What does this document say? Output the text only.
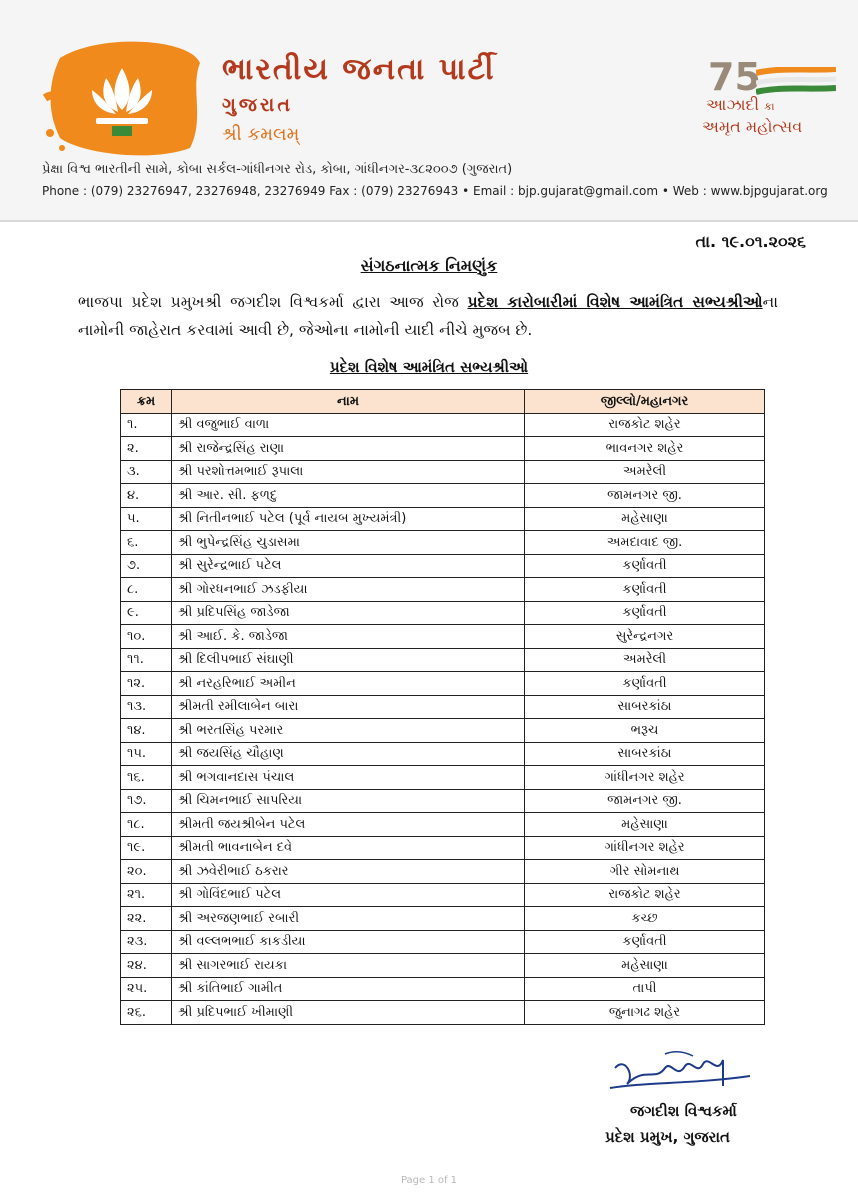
ભારતીય જનતા પાર્ટી
ગુજરાત
શ્રી કમલમ્
75
આઝાદી કા
અમૃત મહોત્સવ
પ્રેક્ષા વિશ્વ ભારતીની સામે, કોબા સર્કલ-ગાંધીનગર રોડ, કોબા, ગાંધીનગર-૩૮૨૦૦૭ (ગુજરાત)
Phone : (079) 23276947, 23276948, 23276949 Fax : (079) 23276943 • Email : bjp.gujarat@gmail.com • Web : www.bjpgujarat.org
તા. ૧૯.૦૧.૨૦૨૬
સંગઠનાત્મક નિમણુંક
ભાજપા પ્રદેશ પ્રમુખશ્રી જગદીશ વિશ્વકર્મા દ્વારા આજ રોજ પ્રદેશ કારોબારીમાં વિશેષ આમંત્રિત સભ્યશ્રીઓના નામોની જાહેરાત કરવામાં આવી છે, જેઓના નામોની યાદી નીચે મુજબ છે.
પ્રદેશ વિશેષ આમંત્રિત સભ્યશ્રીઓ
ક્રમ	નામ	જીલ્લો/મહાનગર
૧.	શ્રી વજુભાઈ વાળા	રાજકોટ શહેર
૨.	શ્રી રાજેન્દ્રસિંહ રાણા	ભાવનગર શહેર
૩.	શ્રી પરશોત્તમભાઈ રૂપાલા	અમરેલી
૪.	શ્રી આર. સી. ફળદુ	જામનગર જી.
૫.	શ્રી નિતીનભાઈ પટેલ (પૂર્વ નાયબ મુખ્યમંત્રી)	મહેસાણા
૬.	શ્રી ભુપેન્દ્રસિંહ ચુડાસમા	અમદાવાદ જી.
૭.	શ્રી સુરેન્દ્રભાઈ પટેલ	કર્ણાવતી
૮.	શ્રી ગોરધનભાઈ ઝડફીયા	કર્ણાવતી
૯.	શ્રી પ્રદિપસિંહ જાડેજા	કર્ણાવતી
૧૦.	શ્રી આઈ. કે. જાડેજા	સુરેન્દ્રનગર
૧૧.	શ્રી દિલીપભાઈ સંઘાણી	અમરેલી
૧૨.	શ્રી નરહરિભાઈ અમીન	કર્ણાવતી
૧૩.	શ્રીમતી રમીલાબેન બારા	સાબરકાંઠા
૧૪.	શ્રી ભરતસિંહ પરમાર	ભરૂચ
૧૫.	શ્રી જયસિંહ ચૌહાણ	સાબરકાંઠા
૧૬.	શ્રી ભગવાનદાસ પંચાલ	ગાંધીનગર શહેર
૧૭.	શ્રી ચિમનભાઈ સાપરિયા	જામનગર જી.
૧૮.	શ્રીમતી જયશ્રીબેન પટેલ	મહેસાણા
૧૯.	શ્રીમતી ભાવનાબેન દવે	ગાંધીનગર શહેર
૨૦.	શ્રી ઝવેરીભાઈ ઠકરાર	ગીર સોમનાથ
૨૧.	શ્રી ગોવિંદભાઈ પટેલ	રાજકોટ શહેર
૨૨.	શ્રી અરજણભાઈ રબારી	કચ્છ
૨૩.	શ્રી વલ્લભભાઈ કાકડીયા	કર્ણાવતી
૨૪.	શ્રી સાગરભાઈ રાયકા	મહેસાણા
૨૫.	શ્રી કાંતિભાઈ ગામીત	તાપી
૨૬.	શ્રી પ્રદિપભાઈ ખીમાણી	જુનાગઢ શહેર
જગદીશ વિશ્વકર્મા
પ્રદેશ પ્રમુખ, ગુજરાત
Page 1 of 1
